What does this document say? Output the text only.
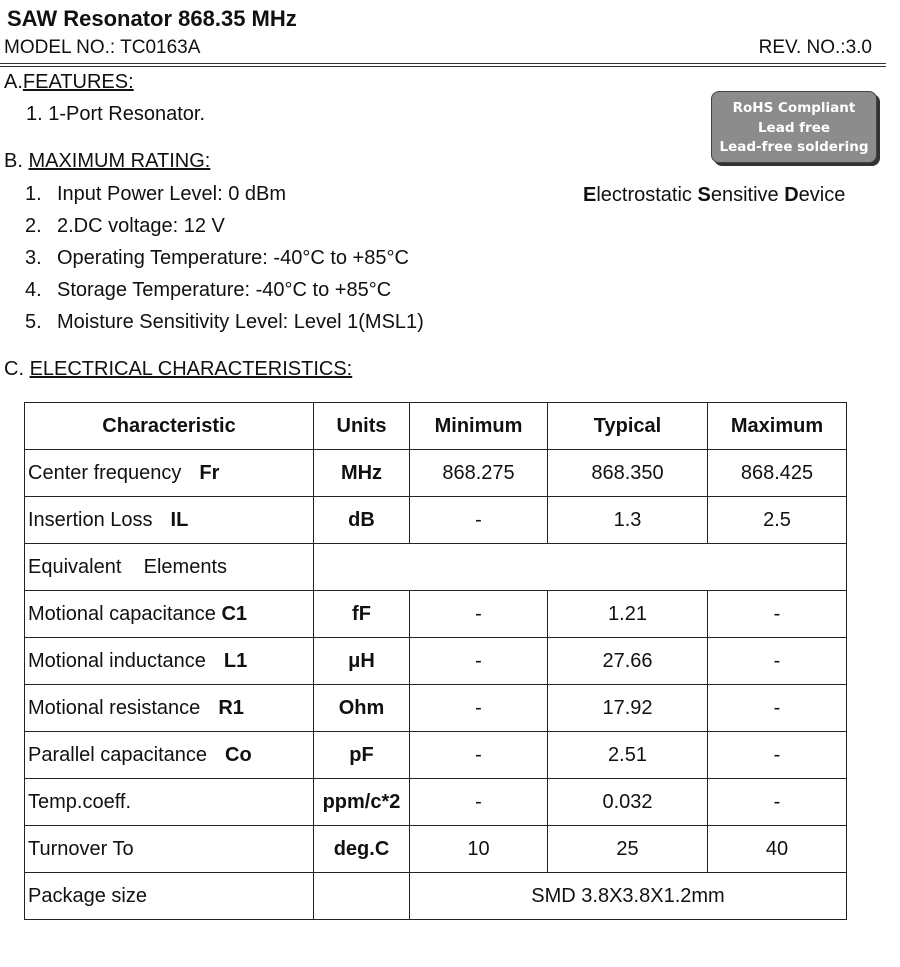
SAW Resonator 868.35 MHz
MODEL NO.: TC0163A	REV. NO.:3.0
A.FEATURES:
1. 1-Port Resonator.	RoHS Compliant
Lead free
Lead-free soldering
Electrostatic Sensitive Device
B. MAXIMUM RATING:
1. Input Power Level: 0 dBm
2. 2.DC voltage: 12 V
3. Operating Temperature: -40°C to +85°C
4. Storage Temperature: -40°C to +85°C
5. Moisture Sensitivity Level: Level 1(MSL1)
C. ELECTRICAL CHARACTERISTICS:
Characteristic	Units	Minimum	Typical	Maximum
Center frequency Fr	MHz	868.275	868.350	868.425
Insertion Loss IL	dB	-	1.3	2.5
Equivalent    Elements				
Motional capacitance C1	fF	-	1.21	-
Motional inductance L1	μH	-	27.66	-
Motional resistance R1	Ohm	-	17.92	-
Parallel capacitance Co	pF	-	2.51	-
Temp.coeff.	ppm/c*2	-	0.032	-
Turnover To	deg.C	10	25	40
Package size		SMD 3.8X3.8X1.2mm		
